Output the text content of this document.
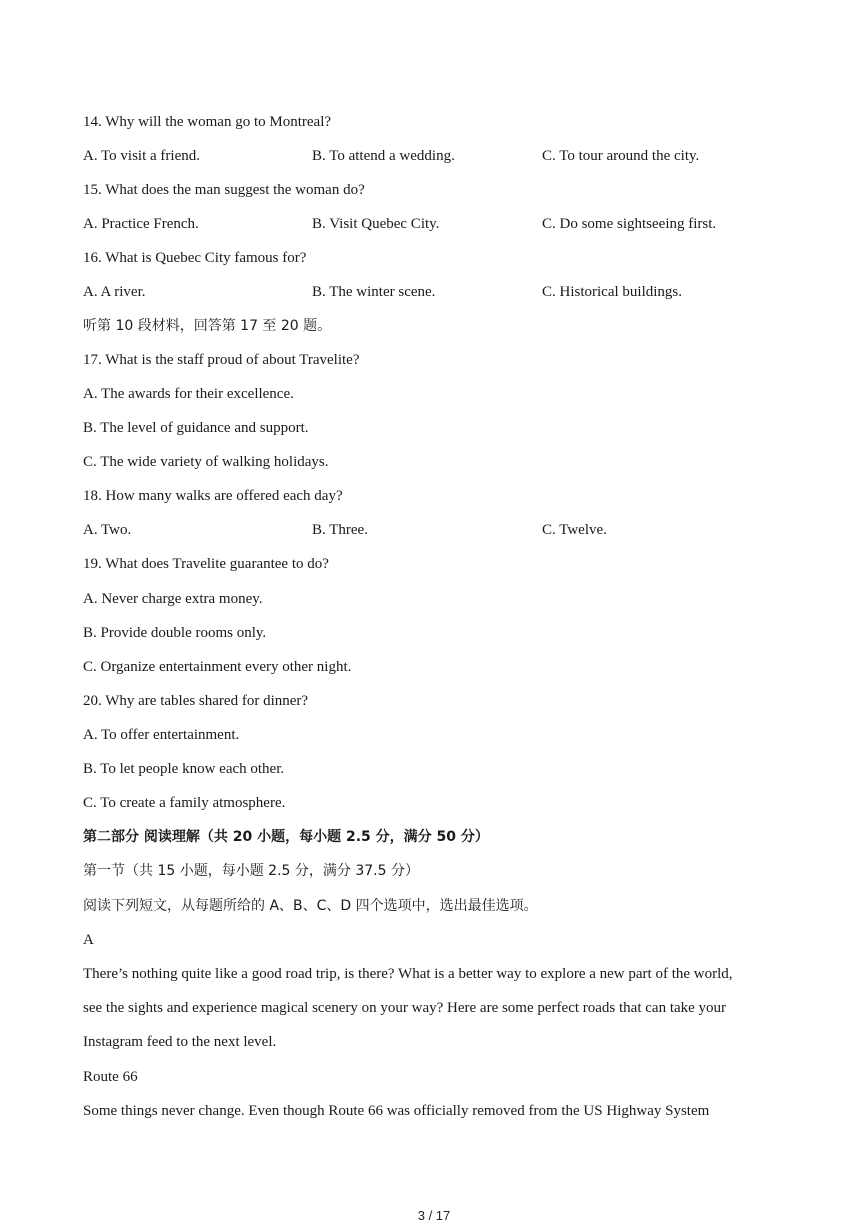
14. Why will the woman go to Montreal?
A. To visit a friend.	B. To attend a wedding.	C. To tour around the city.
15. What does the man suggest the woman do?
A. Practice French.	B. Visit Quebec City.	C. Do some sightseeing first.
16. What is Quebec City famous for?
A. A river.	B. The winter scene.	C. Historical buildings.
听第 10 段材料，回答第 17 至 20 题。
17. What is the staff proud of about Travelite?
A. The awards for their excellence.
B. The level of guidance and support.
C. The wide variety of walking holidays.
18. How many walks are offered each day?
A. Two.	B. Three.	C. Twelve.
19. What does Travelite guarantee to do?
A. Never charge extra money.
B. Provide double rooms only.
C. Organize entertainment every other night.
20. Why are tables shared for dinner?
A. To offer entertainment.
B. To let people know each other.
C. To create a family atmosphere.
第二部分 阅读理解（共 20 小题，每小题 2.5 分，满分 50 分）
第一节（共 15 小题，每小题 2.5 分，满分 37.5 分）
阅读下列短文，从每题所给的 A、B、C、D 四个选项中，选出最佳选项。
A
There’s nothing quite like a good road trip, is there? What is a better way to explore a new part of the world,
see the sights and experience magical scenery on your way? Here are some perfect roads that can take your
Instagram feed to the next level.
Route 66
Some things never change. Even though Route 66 was officially removed from the US Highway System
3 / 17
